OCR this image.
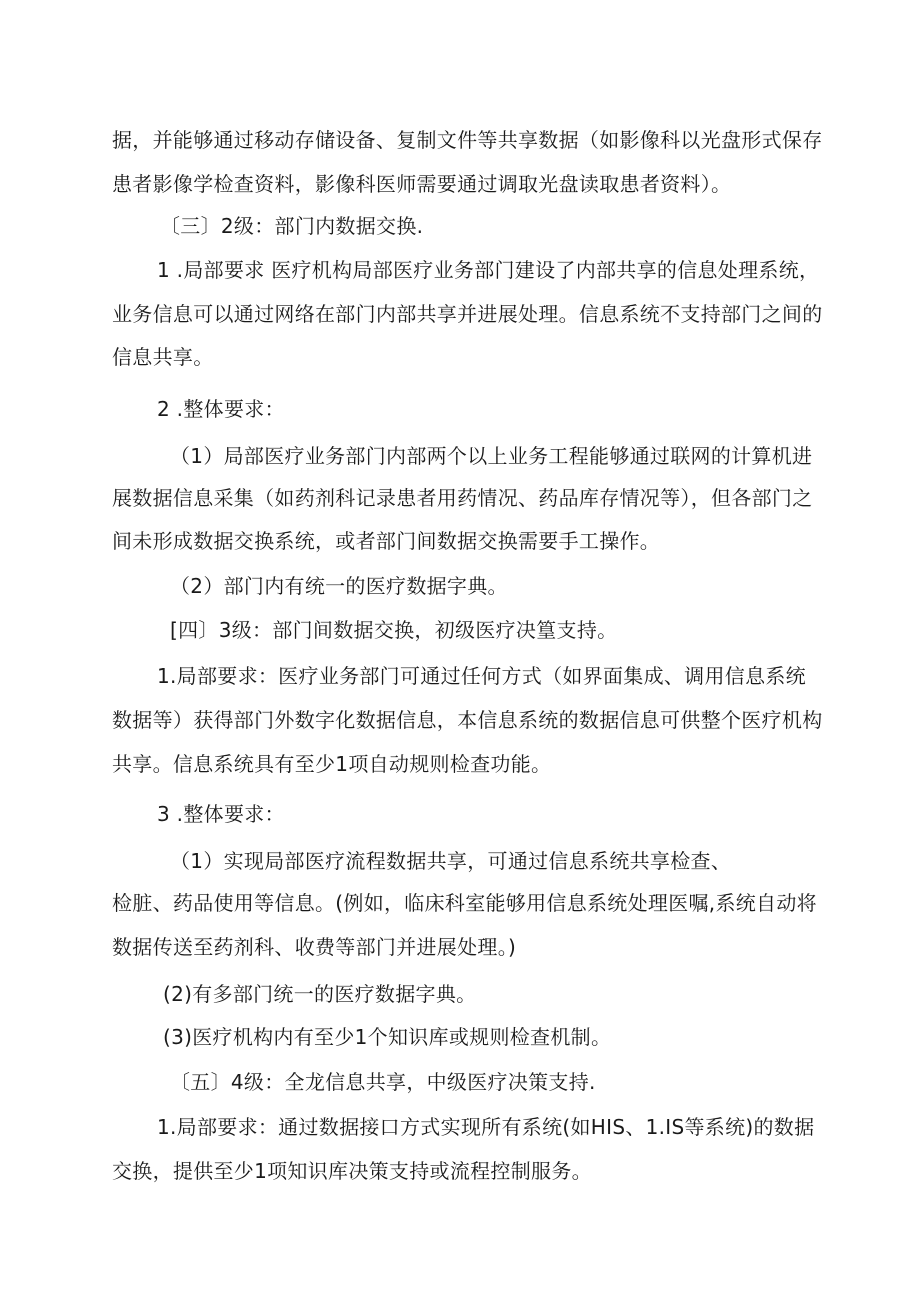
据，并能够通过移动存储设备、复制文件等共享数据（如影像科以光盘形式保存

患者影像学检查资料，影像科医师需要通过调取光盘读取患者资料）。

〔三〕2级：部门内数据交换.

1 .局部要求 医疗机构局部医疗业务部门建设了内部共享的信息处理系统，

业务信息可以通过网络在部门内部共享并进展处理。信息系统不支持部门之间的

信息共享。

2 .整体要求：

（1）局部医疗业务部门内部两个以上业务工程能够通过联网的计算机进

展数据信息采集（如药剂科记录患者用药情况、药品库存情况等），但各部门之

间未形成数据交换系统，或者部门间数据交换需要手工操作。

（2）部门内有统一的医疗数据字典。

[四〕3级：部门间数据交换，初级医疗决篁支持。

1.局部要求：医疗业务部门可通过任何方式（如界面集成、调用信息系统

数据等）获得部门外数字化数据信息，本信息系统的数据信息可供整个医疗机构

共享。信息系统具有至少1项自动规则检查功能。

3 .整体要求：

（1）实现局部医疗流程数据共享，可通过信息系统共享检查、

检脏、药品使用等信息。(例如，临床科室能够用信息系统处理医嘱,系统自动将

数据传送至药剂科、收费等部门并进展处理。)

(2)有多部门统一的医疗数据字典。

(3)医疗机构内有至少1个知识库或规则检查机制。

〔五〕4级：全龙信息共享，中级医疗决策支持.

1.局部要求：通过数据接口方式实现所有系统(如HIS、1.IS等系统)的数据

交换，提供至少1项知识库决策支持或流程控制服务。
